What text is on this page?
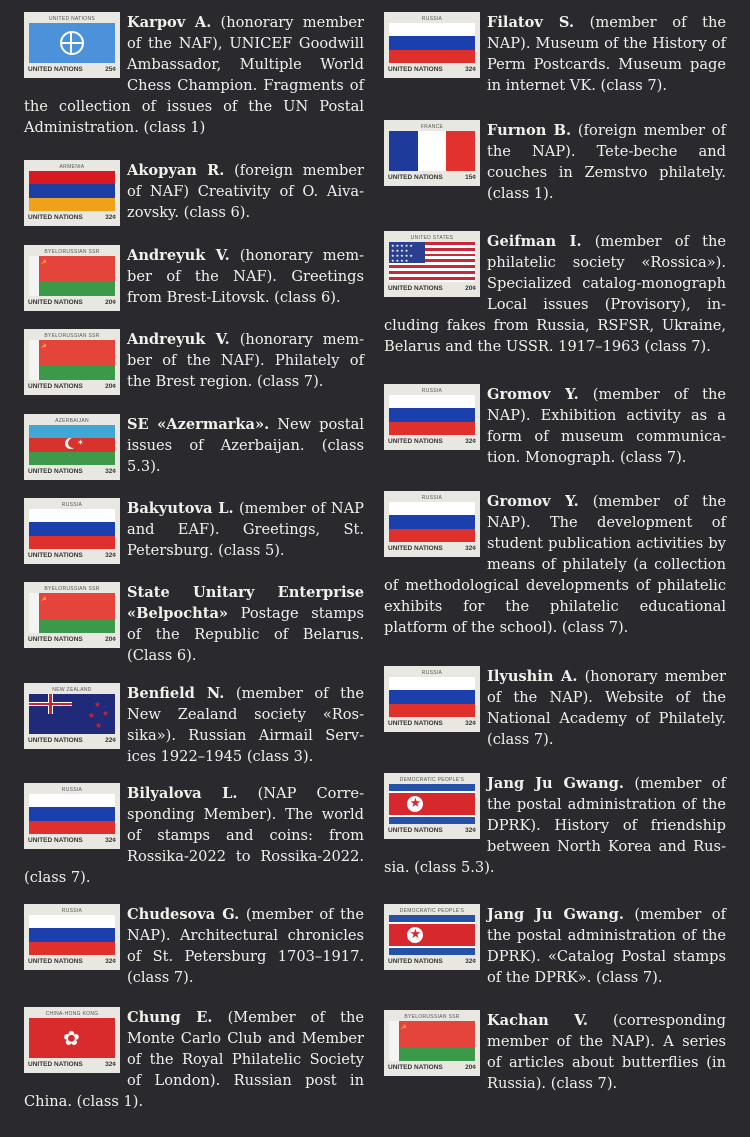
UNITED NATIONS
UNITED NATIONS	25¢
Karpov A. (honorary member of the NAF), UNICEF Goodwill Ambassador, Multiple World Chess Champion. Fragments of the collection of issues of the UN Postal Administration. (class 1)
ARMENIA
UNITED NATIONS	32¢
Akopyan R. (foreign member of NAF) Creativity of O. Aivazovsky. (class 6).
BYELORUSSIAN SSR
☭
UNITED NATIONS	20¢
Andreyuk V. (honorary member of the NAF). Greetings from Brest-Litovsk. (class 6).
BYELORUSSIAN SSR
☭
UNITED NATIONS	20¢
Andreyuk V. (honorary member of the NAF). Philately of the Brest region. (class 7).
AZERBAIJAN
✶
UNITED NATIONS	32¢
SE «Azermarka». New postal issues of Azerbaijan. (class 5.3).
RUSSIA
UNITED NATIONS	32¢
Bakyutova L. (member of NAP and EAF). Greetings, St. Petersburg. (class 5).
BYELORUSSIAN SSR
☭
UNITED NATIONS	20¢
State Unitary Enterprise «Belpochta» Postage stamps of the Republic of Belarus. (Class 6).
NEW ZEALAND
★
★
★
★
UNITED NATIONS	22¢
Benfield N. (member of the New Zealand society «Rossika»). Russian Airmail Services 1922–1945 (class 3).
RUSSIA
UNITED NATIONS	32¢
Bilyalova L. (NAP Corresponding Member). The world of stamps and coins: from Rossika-2022 to Rossika-2022. (class 7).
RUSSIA
UNITED NATIONS	32¢
Chudesova G. (member of the NAP). Architectural chronicles of St. Petersburg 1703–1917. (class 7).
CHINA-HONG KONG
✿
UNITED NATIONS	32¢
Chung E. (Member of the Monte Carlo Club and Member of the Royal Philatelic Society of London). Russian post in China. (class 1).
RUSSIA
UNITED NATIONS	32¢
Filatov S. (member of the NAP). Museum of the History of Perm Postcards. Museum page in internet VK. (class 7).
FRANCE
UNITED NATIONS	15¢
Furnon B. (foreign member of the NAP). Tete-beche and couches in Zemstvo philately. (class 1).
UNITED STATES
★★★★★
★★★★
★★★★★
★★★★
UNITED NATIONS	20¢
Geifman I. (member of the philatelic society «Rossica»). Specialized catalog-monograph Local issues (Provisory), including fakes from Russia, RSFSR, Ukraine, Belarus and the USSR. 1917–1963 (class 7).
RUSSIA
UNITED NATIONS	32¢
Gromov Y. (member of the NAP). Exhibition activity as a form of museum communication. Monograph. (class 7).
RUSSIA
UNITED NATIONS	32¢
Gromov Y. (member of the NAP). The development of student publication activities by means of philately (a collection of methodological developments of philatelic exhibits for the philatelic educational platform of the school). (class 7).
RUSSIA
UNITED NATIONS	32¢
Ilyushin A. (honorary member of the NAP). Website of the National Academy of Philately. (class 7).
DEMOCRATIC PEOPLE'S
★
UNITED NATIONS	32¢
Jang Ju Gwang. (member of the postal administration of the DPRK). History of friendship between North Korea and Russia. (class 5.3).
DEMOCRATIC PEOPLE'S
★
UNITED NATIONS	32¢
Jang Ju Gwang. (member of the postal administration of the DPRK). «Catalog Postal stamps of the DPRK». (class 7).
BYELORUSSIAN SSR
☭
UNITED NATIONS	20¢
Kachan V. (corresponding member of the NAP). A series of articles about butterflies (in Russia). (class 7).
